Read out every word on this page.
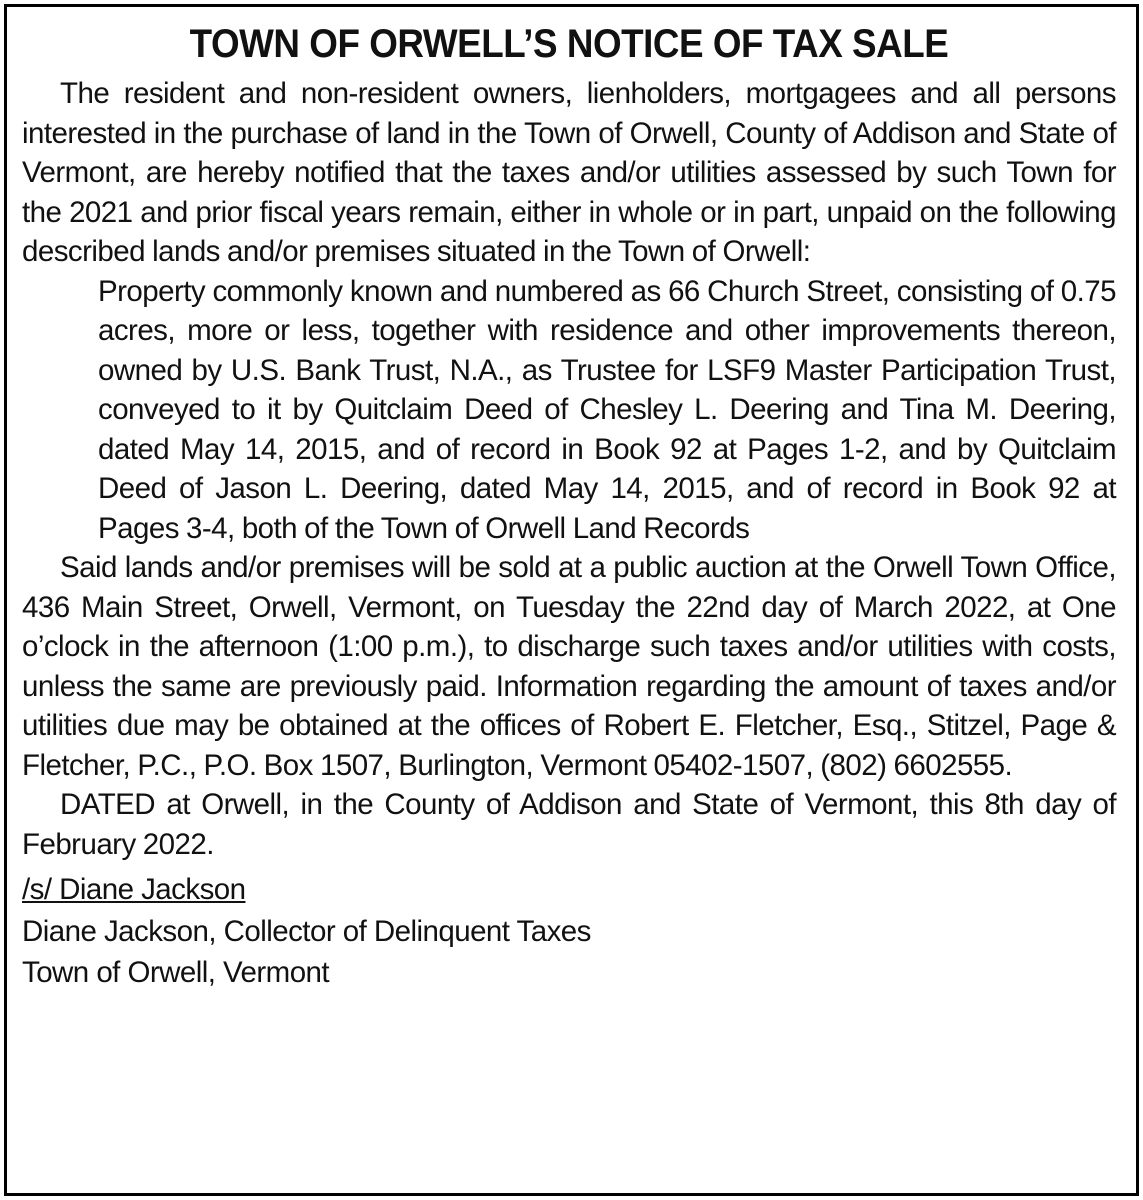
TOWN OF ORWELL’S NOTICE OF TAX SALE

The resident and non-resident owners, lienholders, mortgagees and all persons interested in the purchase of land in the Town of Orwell, County of Addison and State of Vermont, are hereby notified that the taxes and/or utilities assessed by such Town for the 2021 and prior fiscal years remain, either in whole or in part, unpaid on the following described lands and/or premises situated in the Town of Orwell:

Property commonly known and numbered as 66 Church Street, consisting of 0.75 acres, more or less, together with residence and other improvements thereon, owned by U.S. Bank Trust, N.A., as Trustee for LSF9 Master Participation Trust, conveyed to it by Quitclaim Deed of Chesley L. Deering and Tina M. Deering, dated May 14, 2015, and of record in Book 92 at Pages 1-2, and by Quitclaim Deed of Jason L. Deering, dated May 14, 2015, and of record in Book 92 at Pages 3-4, both of the Town of Orwell Land Records

Said lands and/or premises will be sold at a public auction at the Orwell Town Office, 436 Main Street, Orwell, Vermont, on Tuesday the 22nd day of March 2022, at One o’clock in the afternoon (1:00 p.m.), to discharge such taxes and/or utilities with costs, unless the same are previously paid. Information regarding the amount of taxes and/or utilities due may be obtained at the offices of Robert E. Fletcher, Esq., Stitzel, Page & Fletcher, P.C., P.O. Box 1507, Burlington, Vermont 05402-1507, (802) 6602555.

DATED at Orwell, in the County of Addison and State of Vermont, this 8th day of February 2022.

/s/ Diane Jackson

Diane Jackson, Collector of Delinquent Taxes

Town of Orwell, Vermont
